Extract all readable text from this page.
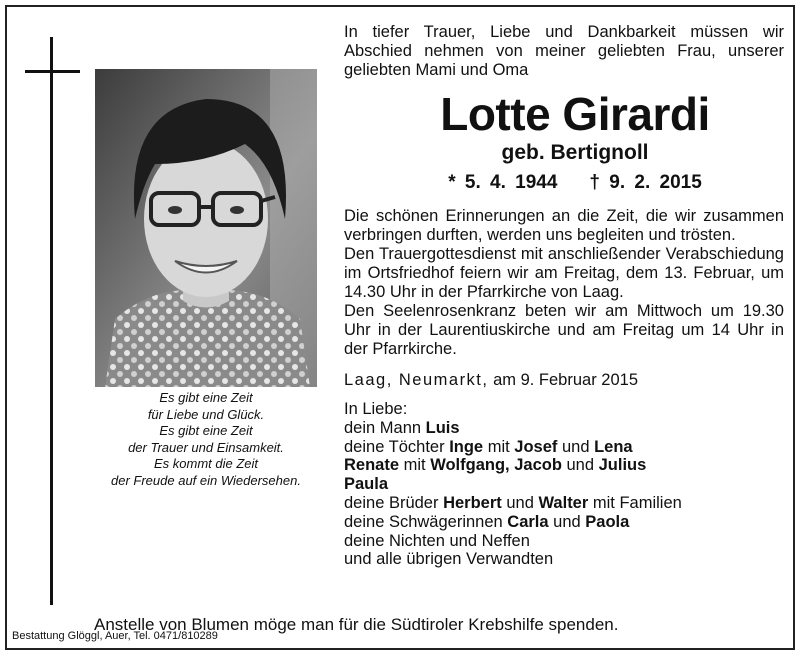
Es gibt eine Zeit
für Liebe und Glück.
Es gibt eine Zeit
der Trauer und Einsamkeit.
Es kommt die Zeit
der Freude auf ein Wiedersehen.

In tiefer Trauer, Liebe und Dankbarkeit müssen wir Abschied nehmen von meiner geliebten Frau, unserer geliebten Mami und Oma

Lotte Girardi
geb. Bertignoll
* 5. 4. 1944 † 9. 2. 2015
Die schönen Erinnerungen an die Zeit, die wir zusammen verbringen durften, werden uns begleiten und trösten.
Den Trauergottesdienst mit anschließender Verabschiedung im Ortsfriedhof feiern wir am Freitag, dem 13. Februar, um 14.30 Uhr in der Pfarrkirche von Laag.
Den Seelenrosenkranz beten wir am Mittwoch um 19.30 Uhr in der Laurentiuskirche und am Freitag um 14 Uhr in der Pfarrkirche.
Laag, Neumarkt, am 9. Februar 2015
In Liebe:
dein Mann Luis
deine Töchter Inge mit Josef und Lena
Renate mit Wolfgang, Jacob und Julius
Paula
deine Brüder Herbert und Walter mit Familien
deine Schwägerinnen Carla und Paola
deine Nichten und Neffen
und alle übrigen Verwandten
Anstelle von Blumen möge man für die Südtiroler Krebshilfe spenden.
Bestattung Glöggl, Auer, Tel. 0471/810289
